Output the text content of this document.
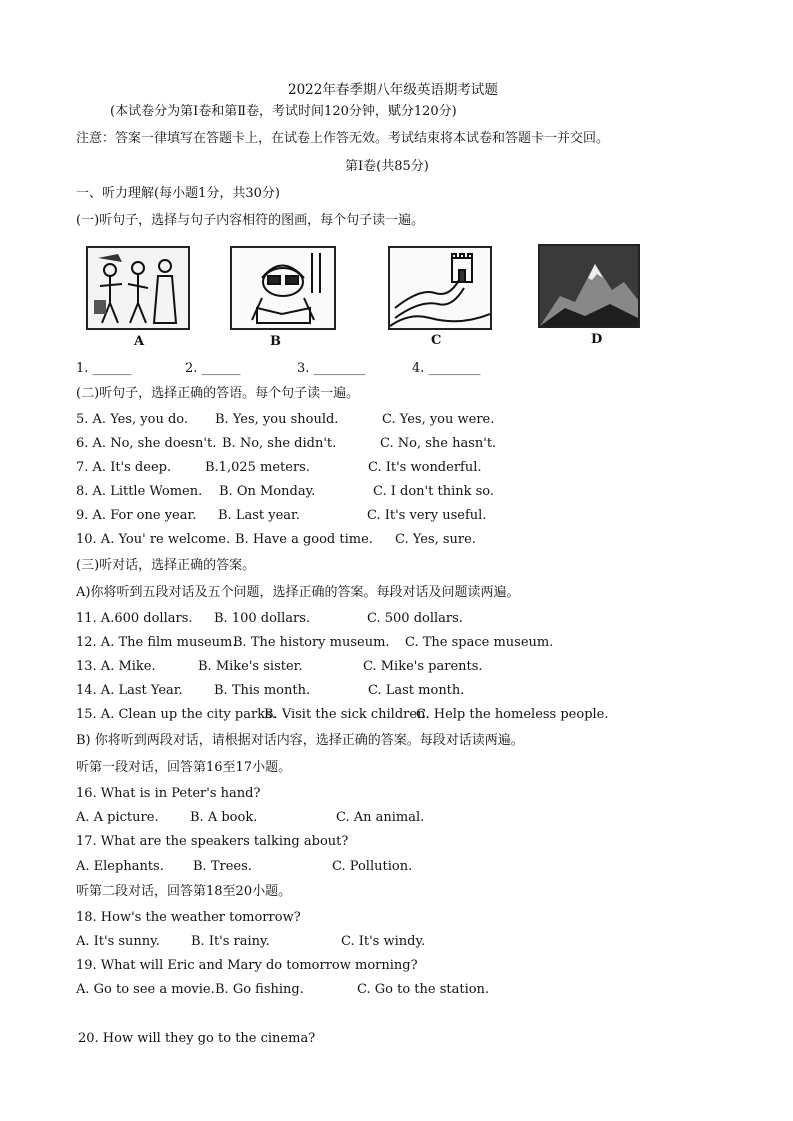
2022年春季期八年级英语期考试题
(本试卷分为第Ⅰ卷和第Ⅱ卷，考试时间120分钟，赋分120分)
注意：答案一律填写在答题卡上，在试卷上作答无效。考试结束将本试卷和答题卡一并交回。
第Ⅰ卷(共85分)
一、听力理解(每小题1分，共30分)
(一)听句子，选择与句子内容相符的图画，每个句子读一遍。
A	B	C	D
1. ______	2. ______	3. ________	4. ________
(二)听句子，选择正确的答语。每个句子读一遍。
5. A. Yes, you do. B. Yes, you should.	C. Yes, you were.
6. A. No, she doesn't. B. No, she didn't.	C. No, she hasn't.
7. A. It's deep.	B.1,025 meters.	C. It's wonderful.
8. A. Little Women. B. On Monday.	C. I don't think so.
9. A. For one year. B. Last year.	C. It's very useful.
10. A. You' re welcome. B. Have a good time. C. Yes, sure.
(三)听对话，选择正确的答案。
A)你将听到五段对话及五个问题，选择正确的答案。每段对话及问题读两遍。
11. A.600 dollars. B. 100 dollars.	C. 500 dollars.
12. A. The film museum.
B. The history museum. C. The space museum.
13. A. Mike.	B. Mike's sister.	C. Mike's parents.
14. A. Last Year. B. This month.	C. Last month.
15. A. Clean up the city parks.
B. Visit the sick children.
C. Help the homeless people.
B) 你将听到两段对话，请根据对话内容，选择正确的答案。每段对话读两遍。
听第一段对话，回答第16至17小题。
16. What is in Peter's hand?
A. A picture. B. A book.	C. An animal.
17. What are the speakers talking about?
A. Elephants. B. Trees.	C. Pollution.
听第二段对话，回答第18至20小题。
18. How's the weather tomorrow?
A. It's sunny. B. It's rainy.	C. It's windy.
19. What will Eric and Mary do tomorrow morning?
A. Go to see a movie. B. Go fishing.	C. Go to the station.
20. How will they go to the cinema?
